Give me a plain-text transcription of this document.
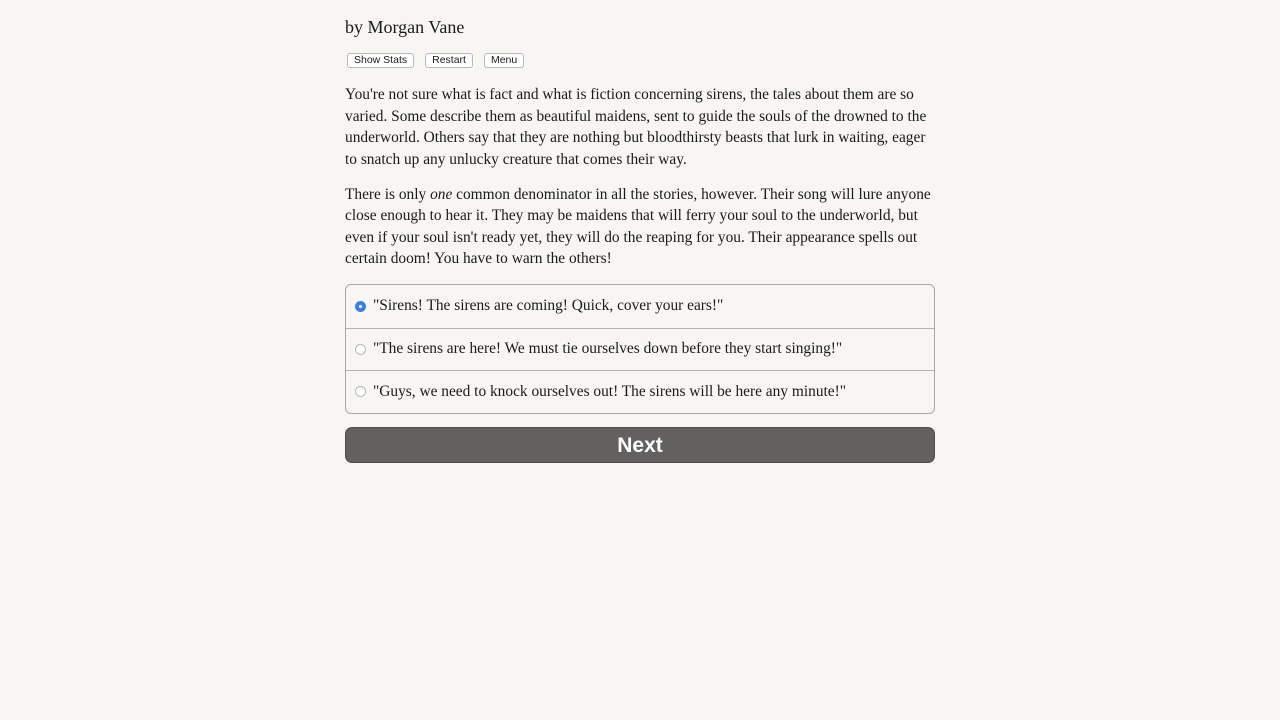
by Morgan Vane
Show Stats	Restart	Menu

You're not sure what is fact and what is fiction concerning sirens, the tales about them are so varied. Some describe them as beautiful maidens, sent to guide the souls of the drowned to the underworld. Others say that they are nothing but bloodthirsty beasts that lurk in waiting, eager to snatch up any unlucky creature that comes their way.

There is only one common denominator in all the stories, however. Their song will lure anyone close enough to hear it. They may be maidens that will ferry your soul to the underworld, but even if your soul isn't ready yet, they will do the reaping for you. Their appearance spells out certain doom! You have to warn the others!

"Sirens! The sirens are coming! Quick, cover your ears!"
"The sirens are here! We must tie ourselves down before they start singing!"
"Guys, we need to knock ourselves out! The sirens will be here any minute!"
Next
